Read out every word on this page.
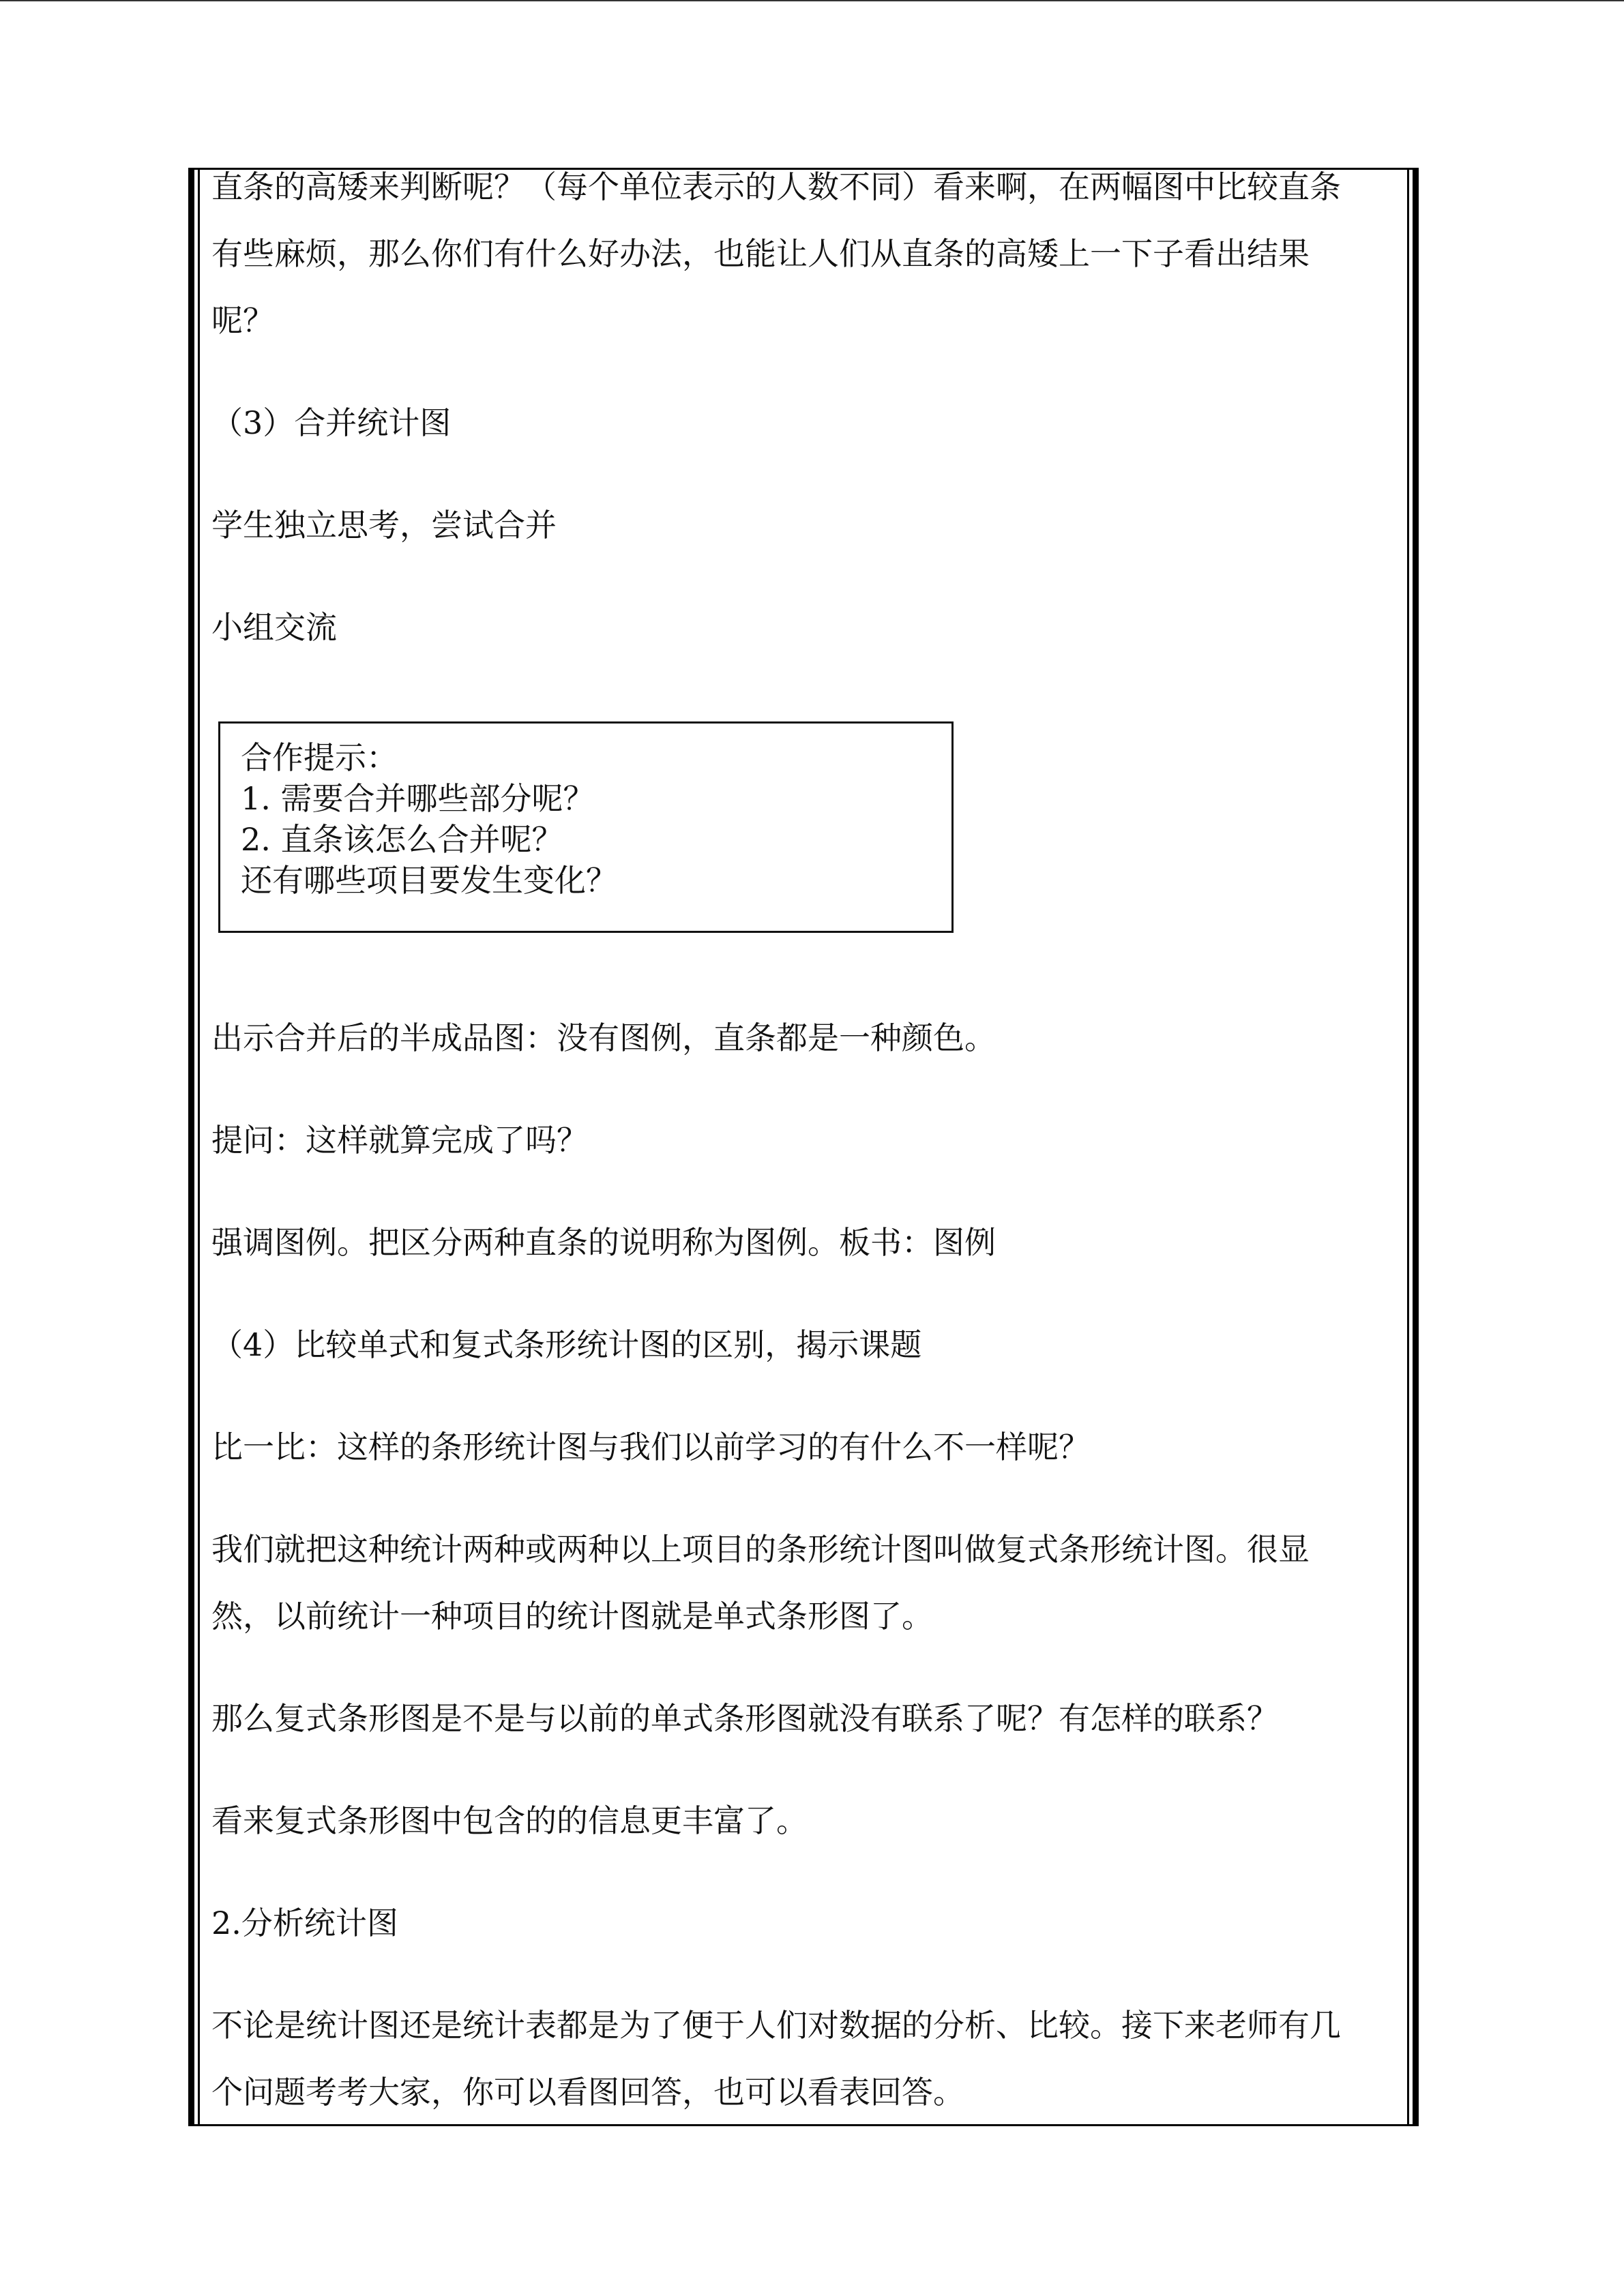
直条的高矮来判断呢？（每个单位表示的人数不同）看来啊，在两幅图中比较直条
有些麻烦，那么你们有什么好办法，也能让人们从直条的高矮上一下子看出结果
呢？
（3）合并统计图
学生独立思考，尝试合并
小组交流
出示合并后的半成品图：没有图例，直条都是一种颜色。
提问：这样就算完成了吗？
强调图例。把区分两种直条的说明称为图例。板书：图例
（4）比较单式和复式条形统计图的区别，揭示课题
比一比：这样的条形统计图与我们以前学习的有什么不一样呢？
我们就把这种统计两种或两种以上项目的条形统计图叫做复式条形统计图。很显
然，以前统计一种项目的统计图就是单式条形图了。
那么复式条形图是不是与以前的单式条形图就没有联系了呢？有怎样的联系？
看来复式条形图中包含的的信息更丰富了。
2.分析统计图
不论是统计图还是统计表都是为了便于人们对数据的分析、比较。接下来老师有几
个问题考考大家，你可以看图回答，也可以看表回答。
合作提示：
1. 需要合并哪些部分呢？
2. 直条该怎么合并呢？
还有哪些项目要发生变化？
